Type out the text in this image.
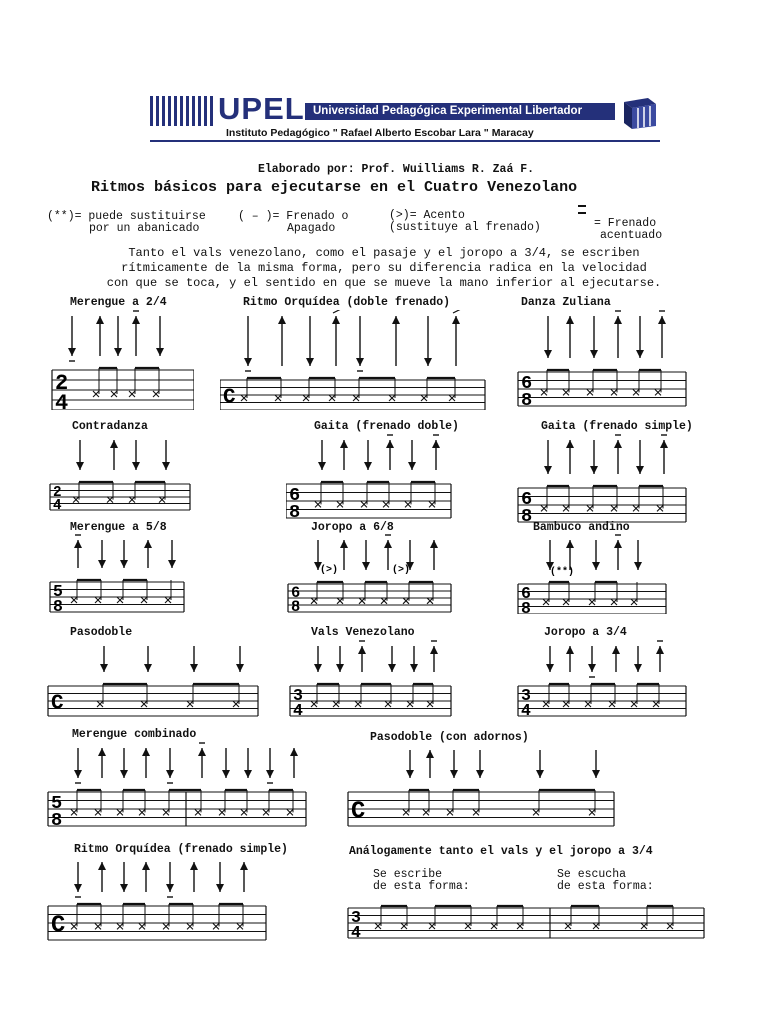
UPEL Universidad Pedagógica Experimental Libertador
Instituto Pedagógico " Rafael Alberto Escobar Lara " Maracay
Elaborado por: Prof. Wuilliams R. Zaá F.
Ritmos básicos para ejecutarse en el Cuatro Venezolano
(**)= puede sustituirse
por un abanicado
( – )= Frenado o
Apagado
(>)= Acento
(sustituye al frenado)	= Frenado
acentuado
Tanto el vals venezolano, como el pasaje y el joropo a 3/4, se escriben
rítmicamente de la misma forma, pero su diferencia radica en la velocidad
con que se toca, y el sentido en que se mueve la mano inferior al ejecutarse.
Merengue a 2/4
2
4
Ritmo Orquídea (doble frenado)
C
Danza Zuliana
6
8
Contradanza
2
4
Gaita (frenado doble)
6
8
Gaita (frenado simple)
6
8
Merengue a 5/8
5
8
Joropo a 6/8
6
8
(>)	(>)
Bambuco andino
6
8
(**)
Pasodoble
C
Vals Venezolano
3
4
Joropo a 3/4
3
4
Merengue combinado
5
8
Pasodoble (con adornos)
C
Ritmo Orquídea (frenado simple)
C
Análogamente tanto el vals y el joropo a 3/4
Se escribe
de esta forma:
Se escucha
de esta forma:
3
4
